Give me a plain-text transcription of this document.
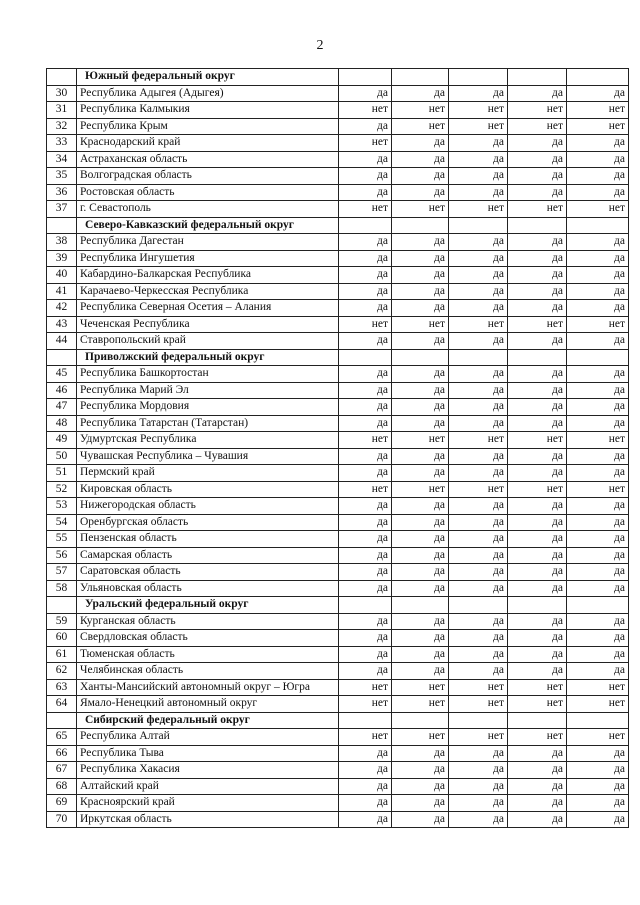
2
	Южный федеральный округ					
30	Республика Адыгея (Адыгея)	да	да	да	да	да
31	Республика Калмыкия	нет	нет	нет	нет	нет
32	Республика Крым	да	нет	нет	нет	нет
33	Краснодарский край	нет	да	да	да	да
34	Астраханская область	да	да	да	да	да
35	Волгоградская область	да	да	да	да	да
36	Ростовская область	да	да	да	да	да
37	г. Севастополь	нет	нет	нет	нет	нет
	Северо-Кавказский федеральный округ					
38	Республика Дагестан	да	да	да	да	да
39	Республика Ингушетия	да	да	да	да	да
40	Кабардино-Балкарская Республика	да	да	да	да	да
41	Карачаево-Черкесская Республика	да	да	да	да	да
42	Республика Северная Осетия – Алания	да	да	да	да	да
43	Чеченская Республика	нет	нет	нет	нет	нет
44	Ставропольский край	да	да	да	да	да
	Приволжский федеральный округ					
45	Республика Башкортостан	да	да	да	да	да
46	Республика Марий Эл	да	да	да	да	да
47	Республика Мордовия	да	да	да	да	да
48	Республика Татарстан (Татарстан)	да	да	да	да	да
49	Удмуртская Республика	нет	нет	нет	нет	нет
50	Чувашская Республика – Чувашия	да	да	да	да	да
51	Пермский край	да	да	да	да	да
52	Кировская область	нет	нет	нет	нет	нет
53	Нижегородская область	да	да	да	да	да
54	Оренбургская область	да	да	да	да	да
55	Пензенская область	да	да	да	да	да
56	Самарская область	да	да	да	да	да
57	Саратовская область	да	да	да	да	да
58	Ульяновская область	да	да	да	да	да
	Уральский федеральный округ					
59	Курганская область	да	да	да	да	да
60	Свердловская область	да	да	да	да	да
61	Тюменская область	да	да	да	да	да
62	Челябинская область	да	да	да	да	да
63	Ханты-Мансийский автономный округ – Югра	нет	нет	нет	нет	нет
64	Ямало-Ненецкий автономный округ	нет	нет	нет	нет	нет
	Сибирский федеральный округ					
65	Республика Алтай	нет	нет	нет	нет	нет
66	Республика Тыва	да	да	да	да	да
67	Республика Хакасия	да	да	да	да	да
68	Алтайский край	да	да	да	да	да
69	Красноярский край	да	да	да	да	да
70	Иркутская область	да	да	да	да	да
